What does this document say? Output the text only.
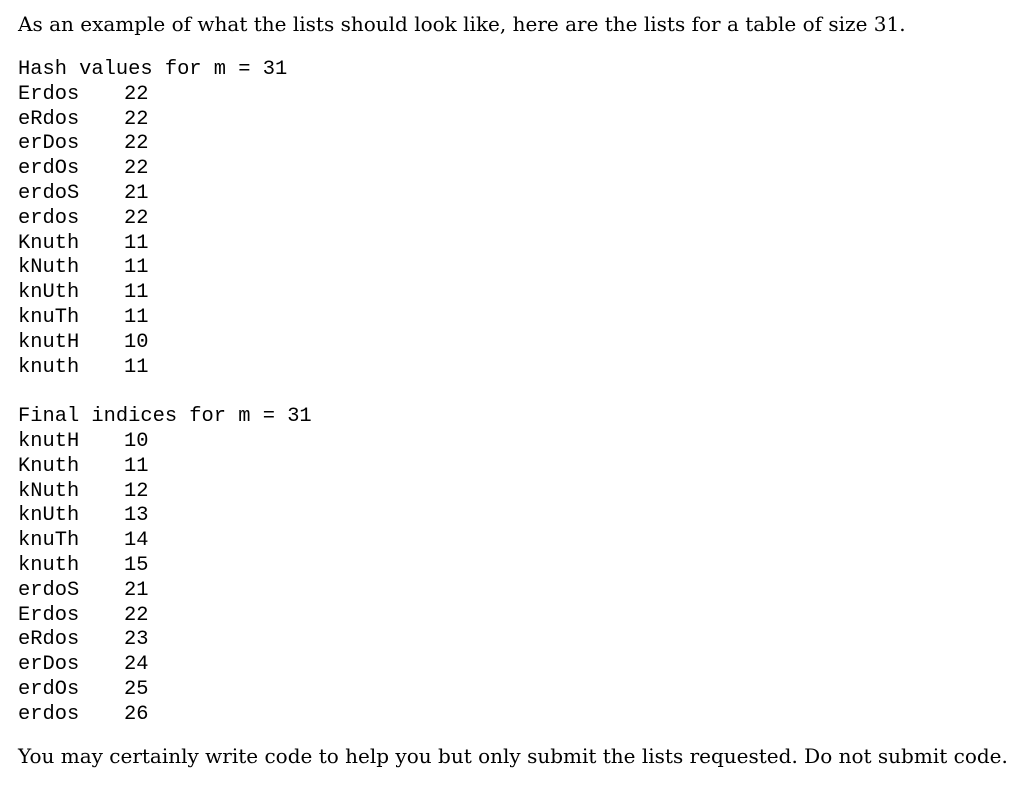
As an example of what the lists should look like, here are the lists for a table of size 31.

Hash values for m = 31
Erdos	22
eRdos	22
erDos	22
erdOs	22
erdoS	21
erdos	22
Knuth	11
kNuth	11
knUth	11
knuTh	11
knutH	10
knuth	11
Final indices for m = 31
knutH	10
Knuth	11
kNuth	12
knUth	13
knuTh	14
knuth	15
erdoS	21
Erdos	22
eRdos	23
erDos	24
erdOs	25
erdos	26

You may certainly write code to help you but only submit the lists requested. Do not submit code.
